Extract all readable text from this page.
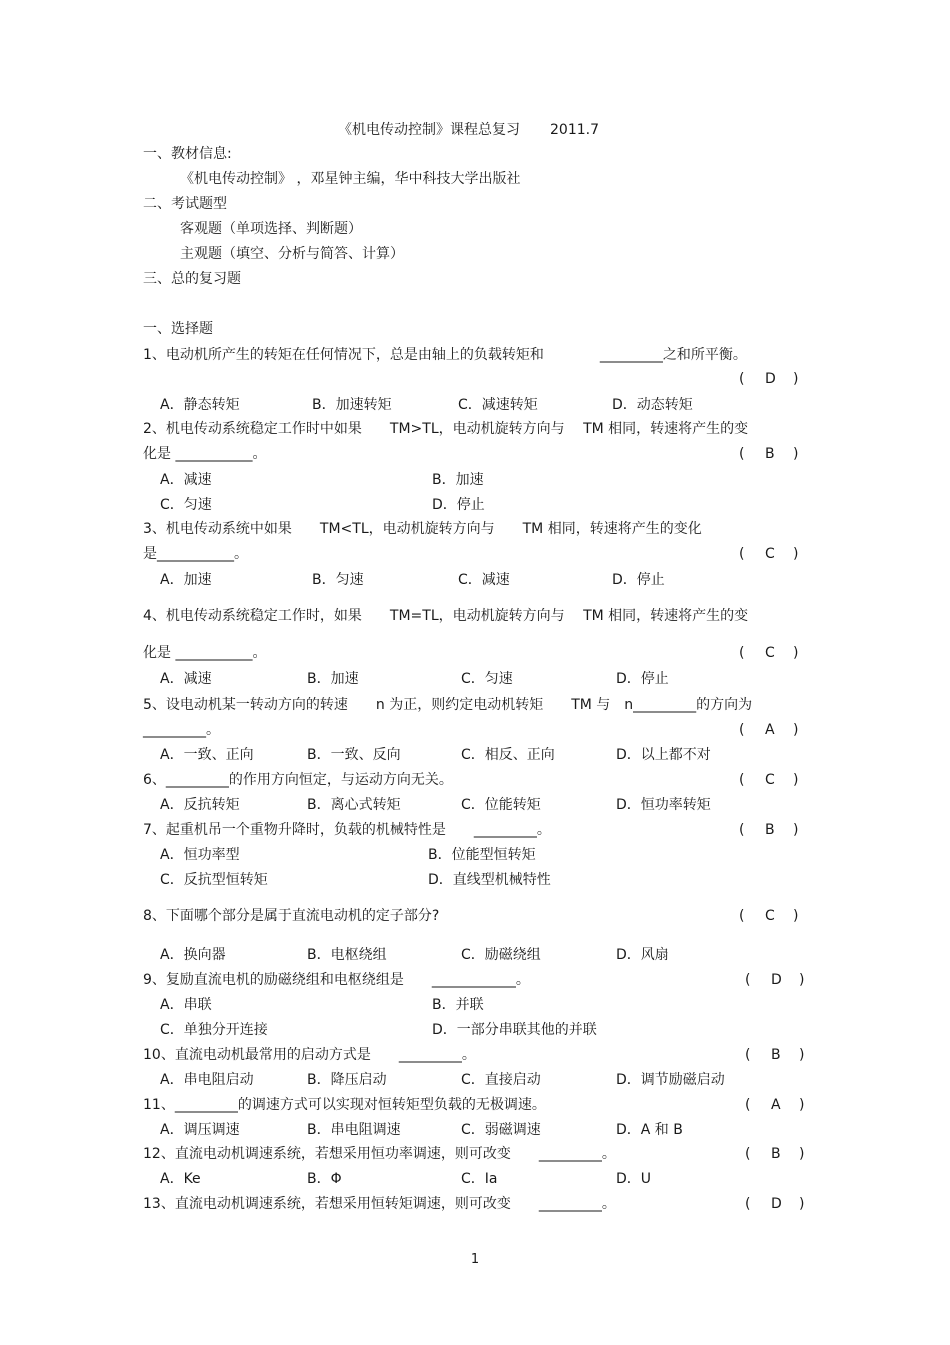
《机电传动控制》课程总复习 2011.7
一、教材信息:
《机电传动控制》 ，邓星钟主编，华中科技大学出版社
二、考试题型
客观题（单项选择、判断题）
主观题（填空、分析与简答、计算）
三、总的复习题
一、选择题
1、电动机所产生的转矩在任何情况下，总是由轴上的负载转矩和　　　　_________之和所平衡。
( D )
A．静态转矩	B．加速转矩	C．减速转矩	D．动态转矩
2、机电传动系统稳定工作时中如果　　TM>TL，电动机旋转方向与　 TM 相同，转速将产生的变
化是 ___________。	( B )
A．减速	B．加速
C．匀速	D．停止
3、机电传动系统中如果　　TM<TL，电动机旋转方向与　　TM 相同，转速将产生的变化
是___________。	( C )
A．加速	B．匀速	C．减速	D．停止
4、机电传动系统稳定工作时，如果　　TM=TL，电动机旋转方向与　 TM 相同，转速将产生的变
化是 ___________。	( C )
A．减速	B．加速	C．匀速	D．停止
5、设电动机某一转动方向的转速　　n 为正，则约定电动机转矩　　TM 与　n_________的方向为
_________。	( A )
A．一致、正向	B．一致、反向	C．相反、正向	D．以上都不对
6、_________的作用方向恒定，与运动方向无关。	( C )
A．反抗转矩	B．离心式转矩	C．位能转矩	D．恒功率转矩
7、起重机吊一个重物升降时，负载的机械特性是　　_________。	( B )
A．恒功率型	B．位能型恒转矩
C．反抗型恒转矩	D．直线型机械特性
8、下面哪个部分是属于直流电动机的定子部分?	( C )
A．换向器	B．电枢绕组	C．励磁绕组	D．风扇
9、复励直流电机的励磁绕组和电枢绕组是　　____________。	( D )
A．串联	B．并联
C．单独分开连接	D．一部分串联其他的并联
10、直流电动机最常用的启动方式是　　_________。	( B )
A．串电阻启动	B．降压启动	C．直接启动	D．调节励磁启动
11、_________的调速方式可以实现对恒转矩型负载的无极调速。	( A )
A．调压调速	B．串电阻调速	C．弱磁调速	D．A 和 B
12、直流电动机调速系统，若想采用恒功率调速，则可改变　　_________。	( B )
A．Ke	B．Φ	C．Ia	D．U
13、直流电动机调速系统，若想采用恒转矩调速，则可改变　　_________。	( D )
1
